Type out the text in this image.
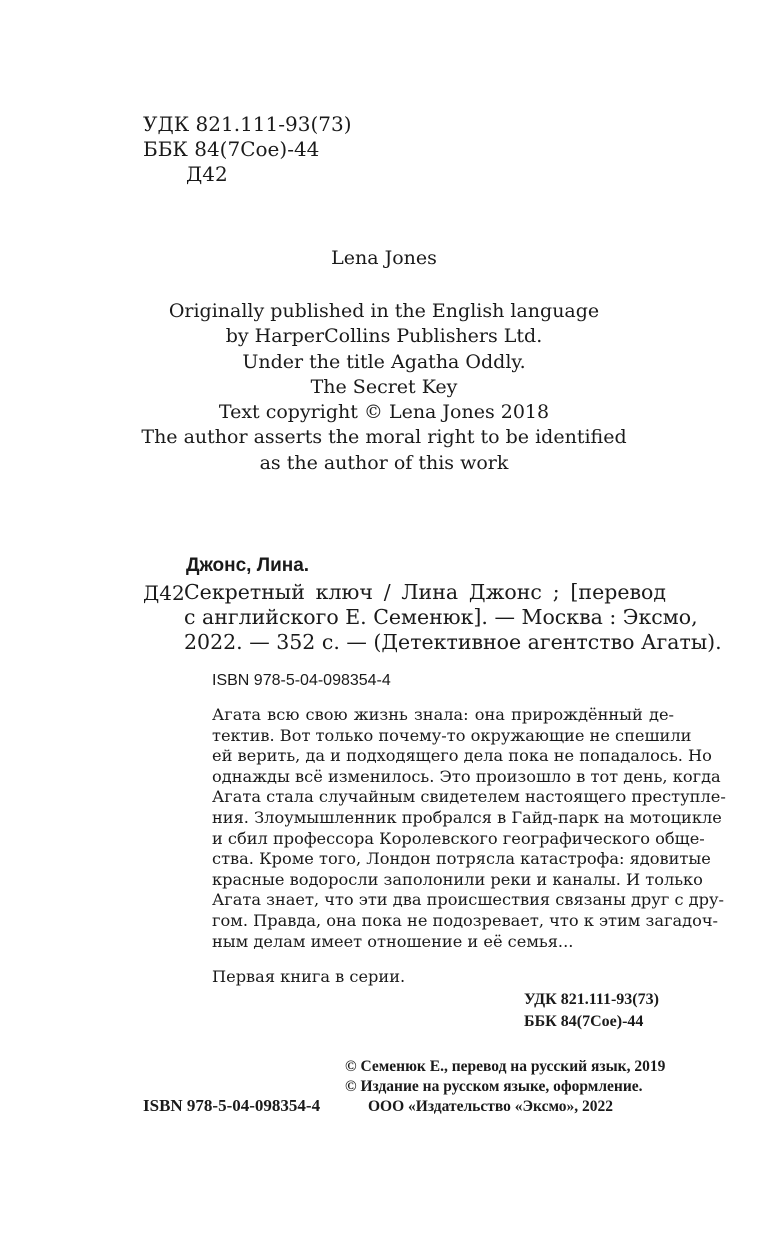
УДК 821.111-93(73)
ББК 84(7Сое)-44
Д42
Lena Jones
Originally published in the English language
by HarperCollins Publishers Ltd.
Under the title Agatha Oddly.
The Secret Key
Text copyright © Lena Jones 2018
The author asserts the moral right to be identified
as the author of this work
Джонс, Лина.
Д42 Секретный ключ / Лина Джонс ; [перевод
с английского Е. Семенюк]. — Москва : Эксмо,
2022. — 352 с. — (Детективное агентство Агаты).
ISBN 978-5-04-098354-4
Агата всю свою жизнь знала: она прирождённый де-
тектив. Вот только почему-то окружающие не спешили
ей верить, да и подходящего дела пока не попадалось. Но
однажды всё изменилось. Это произошло в тот день, когда
Агата стала случайным свидетелем настоящего преступле-
ния. Злоумышленник пробрался в Гайд-парк на мотоцикле
и сбил профессора Королевского географического обще-
ства. Кроме того, Лондон потрясла катастрофа: ядовитые
красные водоросли заполонили реки и каналы. И только
Агата знает, что эти два происшествия связаны друг с дру-
гом. Правда, она пока не подозревает, что к этим загадоч-
ным делам имеет отношение и её семья...
Первая книга в серии.
УДК 821.111-93(73)
ББК 84(7Сое)-44
© Семенюк Е., перевод на русский язык, 2019
© Издание на русском языке, оформление.
ISBN 978-5-04-098354-4	ООО «Издательство «Эксмо», 2022
